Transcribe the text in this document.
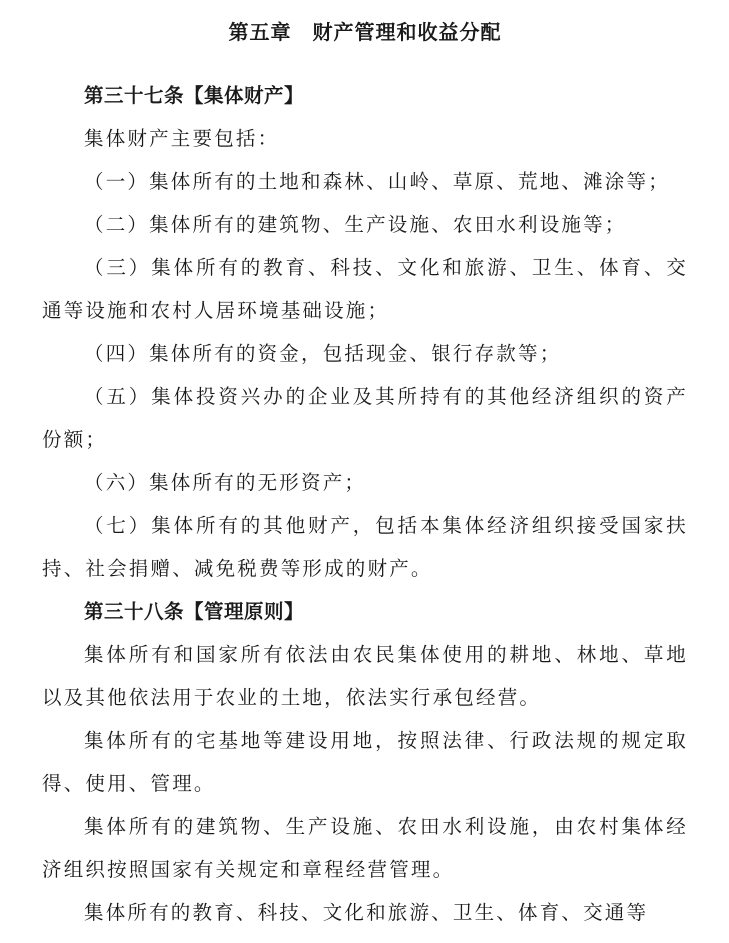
第五章　财产管理和收益分配
第三十七条【集体财产】

集体财产主要包括：

（一）集体所有的土地和森林、山岭、草原、荒地、滩涂等；

（二）集体所有的建筑物、生产设施、农田水利设施等；

（三）集体所有的教育、科技、文化和旅游、卫生、体育、交通等设施和农村人居环境基础设施；

（四）集体所有的资金，包括现金、银行存款等；

（五）集体投资兴办的企业及其所持有的其他经济组织的资产份额；

（六）集体所有的无形资产；

（七）集体所有的其他财产，包括本集体经济组织接受国家扶持、社会捐赠、减免税费等形成的财产。

第三十八条【管理原则】

集体所有和国家所有依法由农民集体使用的耕地、林地、草地以及其他依法用于农业的土地，依法实行承包经营。

集体所有的宅基地等建设用地，按照法律、行政法规的规定取得、使用、管理。

集体所有的建筑物、生产设施、农田水利设施，由农村集体经济组织按照国家有关规定和章程经营管理。

集体所有的教育、科技、文化和旅游、卫生、体育、交通等
